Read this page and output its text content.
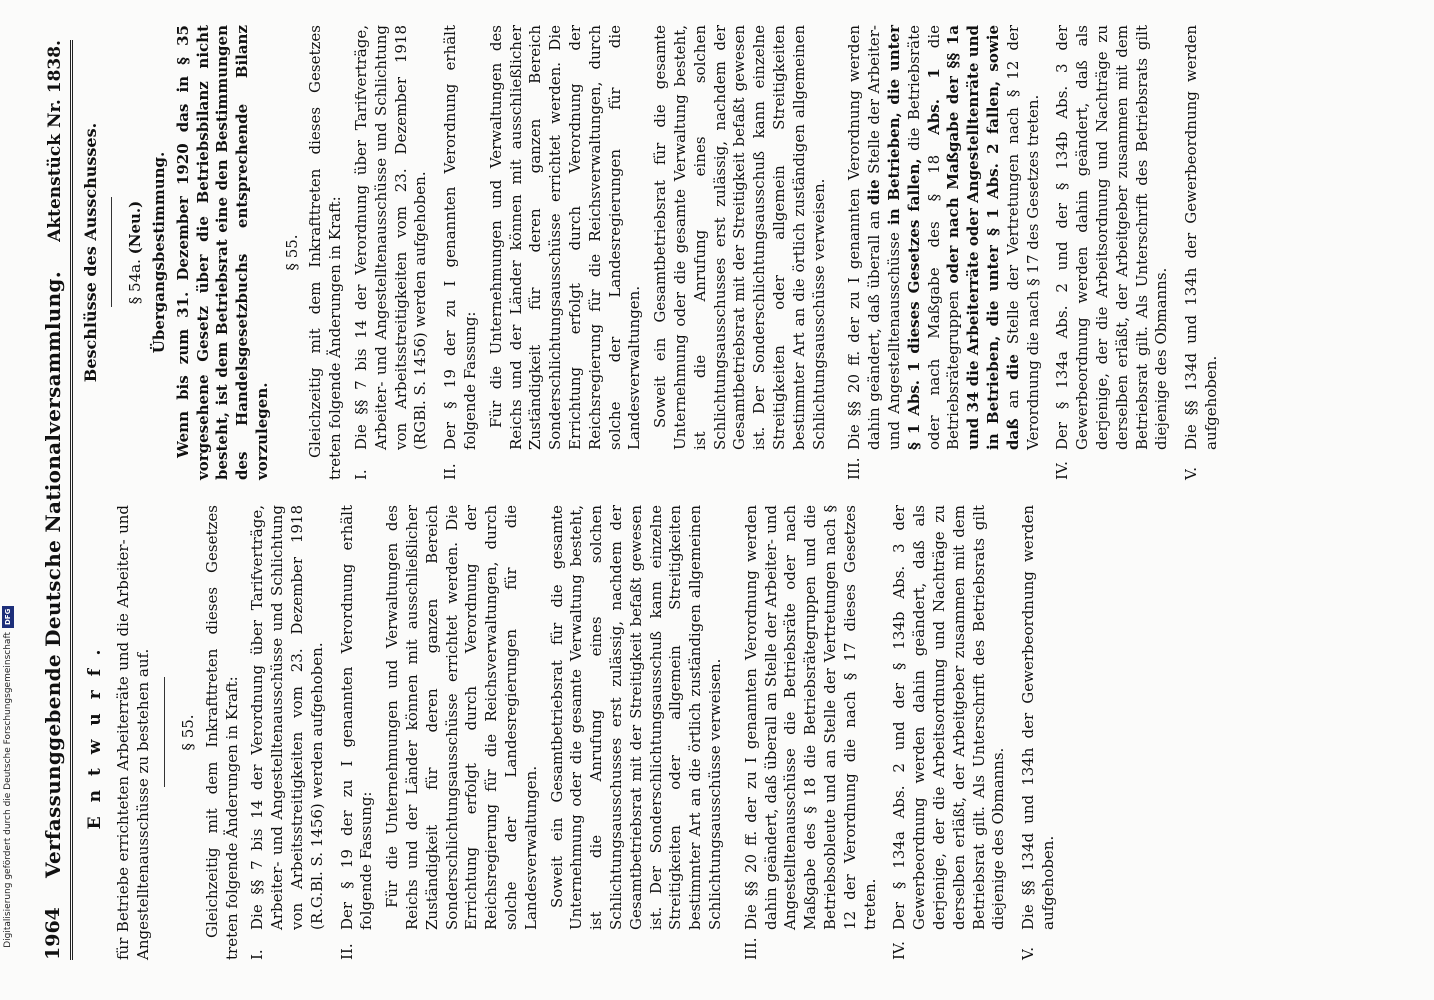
1964
Verfassunggebende Deutsche Nationalversammlung.
Aktenstück Nr. 1838.
Entwurf. für Betriebe errichteten Arbeiterräte und die Arbeiter- und Angestelltenausschüsse zu bestehen auf. § 55. Gleichzeitig mit dem Inkrafttreten dieses Gesetzes treten folgende Änderungen in Kraft: I.
Die §§ 7 bis 14 der Verordnung über Tarifverträge, Arbeiter- und Angestelltenausschüsse und Schlichtung von Arbeitsstreitigkeiten vom 23. Dezember 1918 (R.G.Bl. S. 1456) werden aufgehoben.
II.

Der § 19 der zu I genannten Verordnung erhält folgende Fassung: Für die Unternehmungen und Verwaltungen des Reichs und der Länder können mit ausschließlicher Zuständigkeit für deren ganzen Bereich Sonderschlichtungsausschüsse errichtet werden. Die Errichtung erfolgt durch Verordnung der Reichsregierung für die Reichsverwaltungen, durch solche der Landesregierungen für die Landesverwaltungen. Soweit ein Gesamtbetriebsrat für die gesamte Unternehmung oder die gesamte Verwaltung besteht, ist die Anrufung eines solchen Schlichtungsausschusses erst zulässig, nachdem der Gesamtbetriebsrat mit der Streitigkeit befaßt gewesen ist. Der Sonderschlichtungsausschuß kann einzelne Streitigkeiten oder allgemein Streitigkeiten bestimmter Art an die örtlich zuständigen allgemeinen Schlichtungsausschüsse verweisen.

III.
Die §§ 20 ff. der zu I genannten Verordnung werden dahin geändert, daß überall an Stelle der Arbeiter- und Angestelltenausschüsse die Betriebsräte oder nach Maßgabe des § 18 die Betriebsrätegruppen und die Betriebsobleute und an Stelle der Vertretungen nach § 12 der Verordnung die nach § 17 dieses Gesetzes treten.
IV.
Der § 134a Abs. 2 und der § 134b Abs. 3 der Gewerbeordnung werden dahin geändert, daß als derjenige, der die Arbeitsordnung und Nachträge zu derselben erläßt, der Arbeitgeber zusammen mit dem Betriebsrat gilt. Als Unterschrift des Betriebsrats gilt diejenige des Obmanns.
V.
Die §§ 134d und 134h der Gewerbeordnung werden aufgehoben.
Beschlüsse des Ausschusses. § 54a. (Neu.) Übergangsbestimmung. Wenn bis zum 31. Dezember 1920 das in § 35 vorgesehene Gesetz über die Betriebsbilanz nicht besteht, ist dem Betriebsrat eine den Bestimmungen des Handelsgesetzbuchs entsprechende Bilanz vorzulegen.

§ 55. Gleichzeitig mit dem Inkrafttreten dieses Gesetzes treten folgende Änderungen in Kraft: I.
Die §§ 7 bis 14 der Verordnung über Tarifverträge, Arbeiter- und Angestelltenausschüsse und Schlichtung von Arbeitsstreitigkeiten vom 23. Dezember 1918 (RGBl. S. 1456) werden aufgehoben.
II.

Der § 19 der zu I genannten Verordnung erhält folgende Fassung: Für die Unternehmungen und Verwaltungen des Reichs und der Länder können mit ausschließlicher Zuständigkeit für deren ganzen Bereich Sonderschlichtungsausschüsse errichtet werden. Die Errichtung erfolgt durch Verordnung der Reichsregierung für die Reichsverwaltungen, durch solche der Landesregierungen für die Landesverwaltungen. Soweit ein Gesamtbetriebsrat für die gesamte Unternehmung oder die gesamte Verwaltung besteht, ist die Anrufung eines solchen Schlichtungsausschusses erst zulässig, nachdem der Gesamtbetriebsrat mit der Streitigkeit befaßt gewesen ist. Der Sonderschlichtungsausschuß kann einzelne Streitigkeiten oder allgemein Streitigkeiten bestimmter Art an die örtlich zuständigen allgemeinen Schlichtungsausschüsse verweisen.

III.
Die §§ 20 ff. der zu I genannten Verordnung werden dahin geändert, daß überall an die Stelle der Arbeiter- und Angestelltenausschüsse in Betrieben, die unter § 1 Abs. 1 dieses Gesetzes fallen, die Betriebsräte oder nach Maßgabe des § 18 Abs. 1 die Betriebsrätegruppen oder nach Maßgabe der §§ 1a und 34 die Arbeiterräte oder Angestelltenräte und in Betrieben, die unter § 1 Abs. 2 fallen, sowie daß an die Stelle der Vertretungen nach § 12 der Verordnung die nach § 17 des Gesetzes treten.
IV.
Der § 134a Abs. 2 und der § 134b Abs. 3 der Gewerbeordnung werden dahin geändert, daß als derjenige, der die Arbeitsordnung und Nachträge zu derselben erläßt, der Arbeitgeber zusammen mit dem Betriebsrat gilt. Als Unterschrift des Betriebsrats gilt diejenige des Obmanns.
V.
Die §§ 134d und 134h der Gewerbeordnung werden aufgehoben.
DFG
Digitalisierung gefördert durch die Deutsche Forschungsgemeinschaft
